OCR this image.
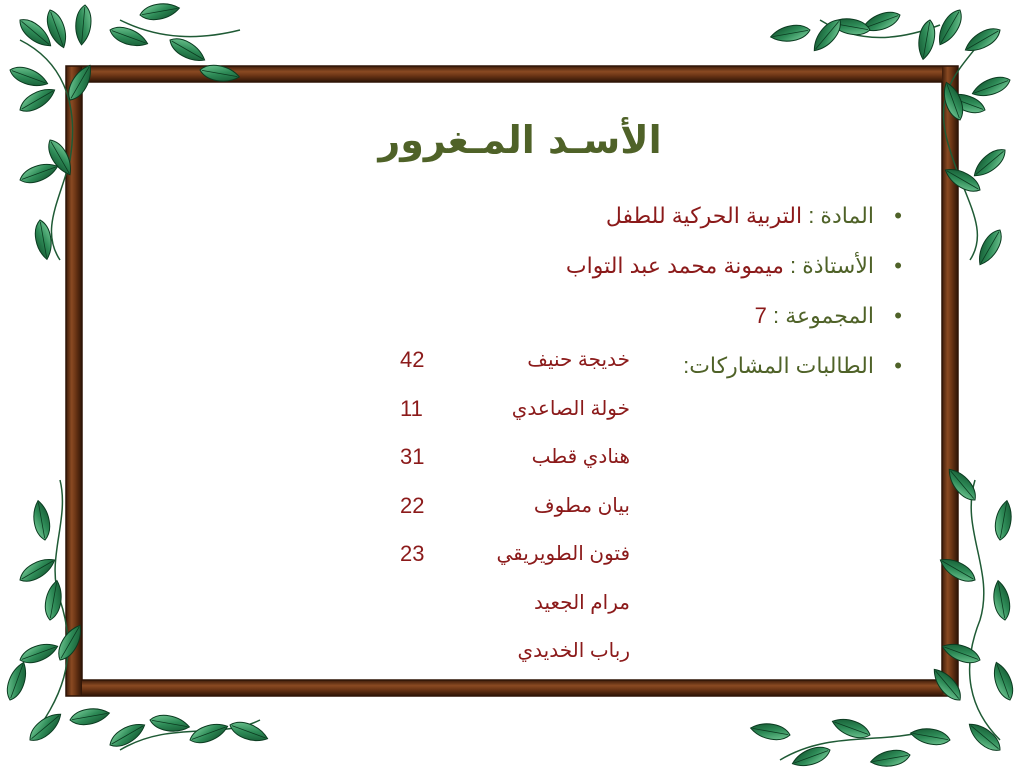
الأسـد المـغرور
•
المادة : التربية الحركية للطفل
•
الأستاذة : ميمونة محمد عبد التواب
•
المجموعة : 7
•
الطالبات المشاركات:
خديجة حنيف
42
خولة الصاعدي
11
هنادي قطب
31
بيان مطوف
22
فتون الطويريقي
23
مرام الجعيد
رباب الخديدي
